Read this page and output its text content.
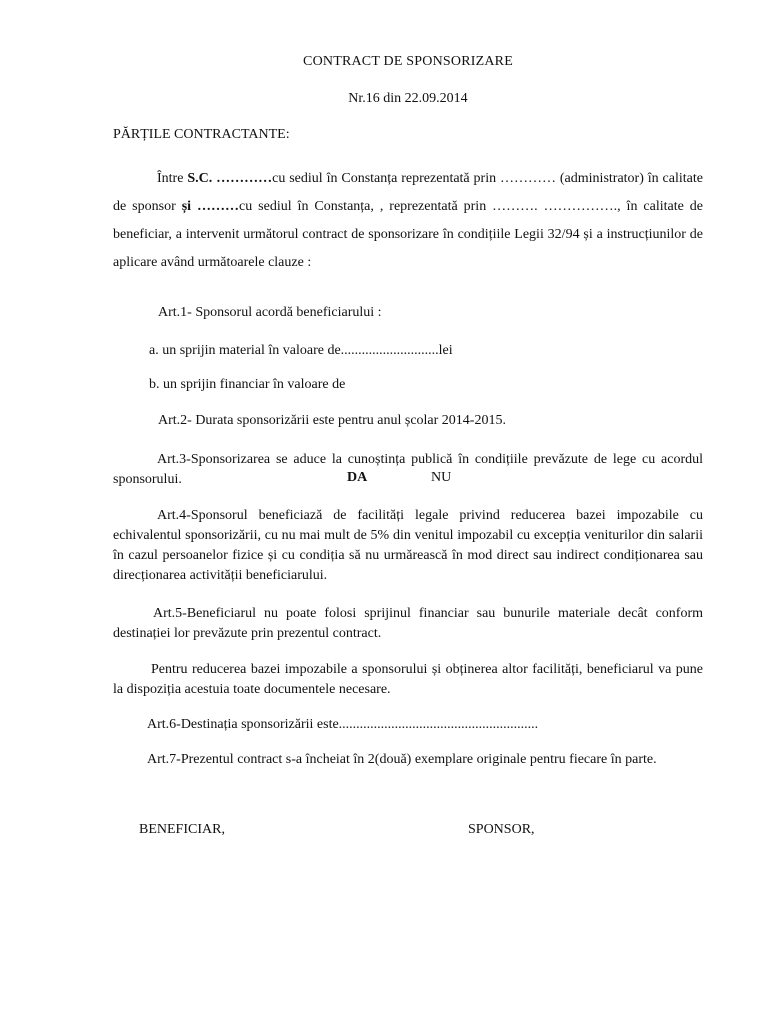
CONTRACT DE SPONSORIZARE
Nr.16 din 22.09.2014
PĂRȚILE CONTRACTANTE:
Între S.C. …………cu sediul în Constanța reprezentată prin ………… (administrator) în calitate de sponsor și ………cu sediul în Constanța, , reprezentată prin ………. ……………., în calitate de beneficiar, a intervenit următorul contract de sponsorizare în condițiile Legii 32/94 și a instrucțiunilor de aplicare având următoarele clauze :
Art.1- Sponsorul acordă beneficiarului :
a. un sprijin material în valoare de............................lei
b. un sprijin financiar în valoare de
Art.2- Durata sponsorizării este pentru anul școlar 2014-2015.
Art.3-Sponsorizarea se aduce la cunoștința publică în condițiile prevăzute de lege cu acordul sponsorului.	DA	NU
Art.4-Sponsorul beneficiază de facilități legale privind reducerea bazei impozabile cu echivalentul sponsorizării, cu nu mai mult de 5% din venitul impozabil cu excepția veniturilor din salarii în cazul persoanelor fizice și cu condiția să nu urmărească în mod direct sau indirect condiționarea sau direcționarea activității beneficiarului.
Art.5-Beneficiarul nu poate folosi sprijinul financiar sau bunurile materiale decât conform destinației lor prevăzute prin prezentul contract.
Pentru reducerea bazei impozabile a sponsorului și obținerea altor facilități, beneficiarul va pune la dispoziția acestuia toate documentele necesare.
Art.6-Destinația sponsorizării este.........................................................
Art.7-Prezentul contract s-a încheiat în 2(două) exemplare originale pentru fiecare în parte.
BENEFICIAR,	SPONSOR,
